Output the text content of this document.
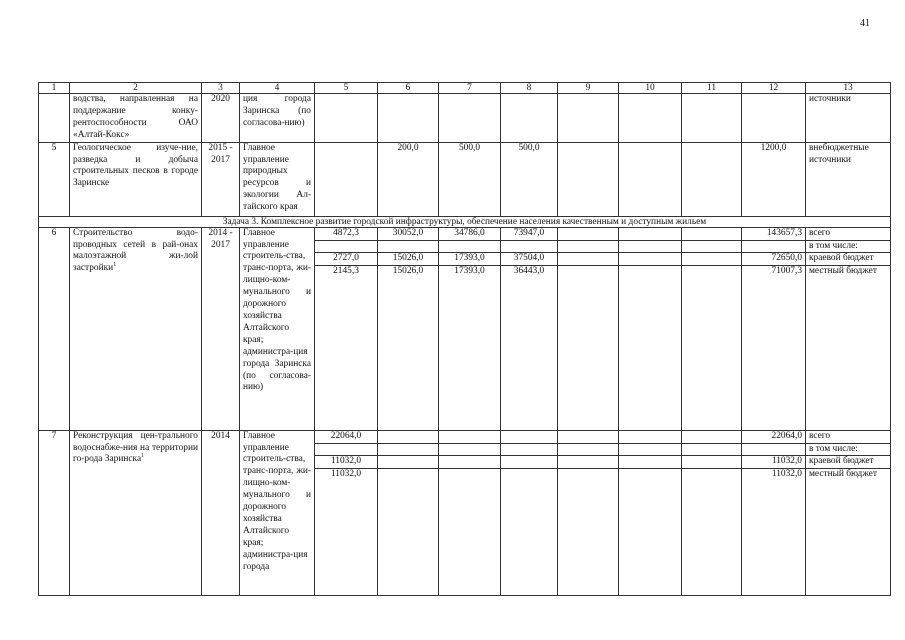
41
1	2	3	4	5	6	7	8	9	10	11	12	13
	водства, направленная на поддержание конку-рентоспособности ОАО «Алтай-Кокс»	2020	ция города Заринска (по согласова-нию)									источники
5	Геологическое изуче-ние, разведка и добыча строительных песков в городе Заринске	2015 - 2017	Главное управление природных ресурсов и экологии Ал-тайского края		200,0	500,0	500,0				1200,0	внебюджетные источники
Задача 3. Комплексное развитие городской инфраструктуры, обеспечение населения качественным и доступным жильем												
6	Строительство водо-проводных сетей в рай-онах малоэтажной жи-лой застройки$^1$	2014 - 2017	Главное управление строитель-ства, транс-порта, жи-лищно-ком-мунального и дорожного хозяйства Алтайского края; администра-ция города Заринска (по согласова-нию)	4872,3	30052,0	34786,0	73947,0				143657,3	всего
												в том числе:
				2727,0	15026,0	17393,0	37504,0				72650,0	краевой бюджет
				2145,3	15026,0	17393,0	36443,0				71007,3	местный бюджет
7	Реконструкция цен-трального водоснабже-ния на территории го-рода Заринска$^1$	2014	Главное управление строитель-ства, транс-порта, жи-лищно-ком-мунального и дорожного хозяйства Алтайского края; администра-ция города	22064,0							22064,0	всего
												в том числе:
				11032,0							11032,0	краевой бюджет
				11032,0							11032,0	местный бюджет
